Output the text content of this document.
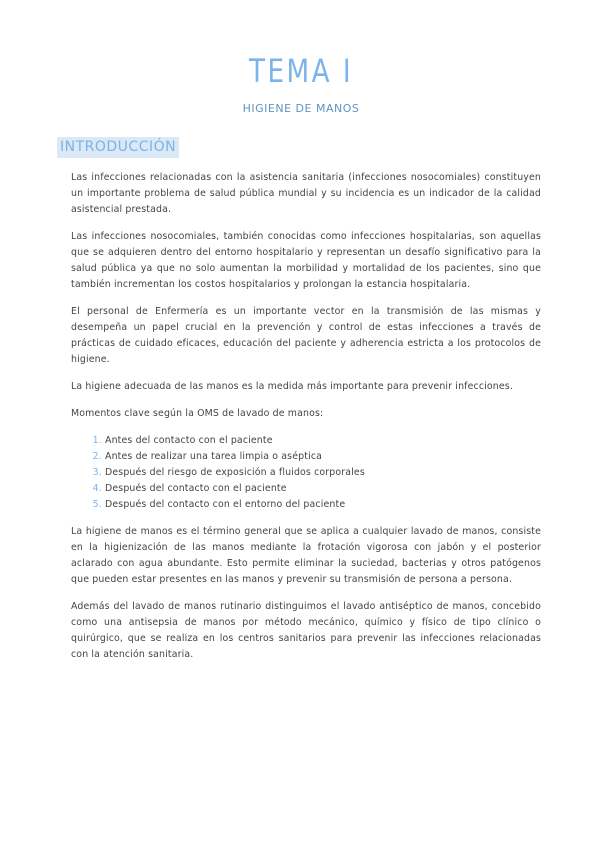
TEMA I
HIGIENE DE MANOS
INTRODUCCIÓN

Las infecciones relacionadas con la asistencia sanitaria (infecciones nosocomiales) constituyen un importante problema de salud pública mundial y su incidencia es un indicador de la calidad asistencial prestada.

Las infecciones nosocomiales, también conocidas como infecciones hospitalarias, son aquellas que se adquieren dentro del entorno hospitalario y representan un desafío significativo para la salud pública ya que no solo aumentan la morbilidad y mortalidad de los pacientes, sino que también incrementan los costos hospitalarios y prolongan la estancia hospitalaria.

El personal de Enfermería es un importante vector en la transmisión de las mismas y desempeña un papel crucial en la prevención y control de estas infecciones a través de prácticas de cuidado eficaces, educación del paciente y adherencia estricta a los protocolos de higiene.

La higiene adecuada de las manos es la medida más importante para prevenir infecciones.

Momentos clave según la OMS de lavado de manos:

1. Antes del contacto con el paciente
2. Antes de realizar una tarea limpia o aséptica
3. Después del riesgo de exposición a fluidos corporales
4. Después del contacto con el paciente
5. Después del contacto con el entorno del paciente

La higiene de manos es el término general que se aplica a cualquier lavado de manos, consiste en la higienización de las manos mediante la frotación vigorosa con jabón y el posterior aclarado con agua abundante. Esto permite eliminar la suciedad, bacterias y otros patógenos que pueden estar presentes en las manos y prevenir su transmisión de persona a persona.

Además del lavado de manos rutinario distinguimos el lavado antiséptico de manos, concebido como una antisepsia de manos por método mecánico, químico y físico de tipo clínico o quirúrgico, que se realiza en los centros sanitarios para prevenir las infecciones relacionadas con la atención sanitaria.
